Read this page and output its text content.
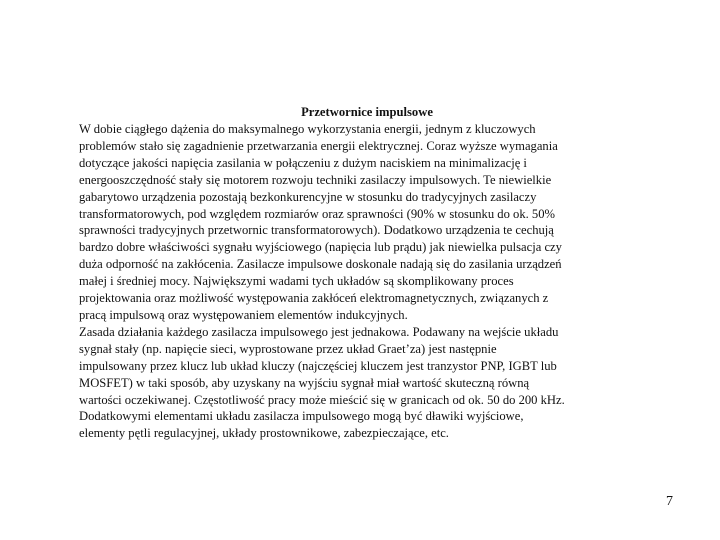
Przetwornice impulsowe

W dobie ciągłego dążenia do maksymalnego wykorzystania energii, jednym z kluczowych
problemów stało się zagadnienie przetwarzania energii elektrycznej. Coraz wyższe wymagania
dotyczące jakości napięcia zasilania w połączeniu z dużym naciskiem na minimalizację i
energooszczędność stały się motorem rozwoju techniki zasilaczy impulsowych. Te niewielkie
gabarytowo urządzenia pozostają bezkonkurencyjne w stosunku do tradycyjnych zasilaczy
transformatorowych, pod względem rozmiarów oraz sprawności (90% w stosunku do ok. 50%
sprawności tradycyjnych przetwornic transformatorowych). Dodatkowo urządzenia te cechują
bardzo dobre właściwości sygnału wyjściowego (napięcia lub prądu) jak niewielka pulsacja czy
duża odporność na zakłócenia. Zasilacze impulsowe doskonale nadają się do zasilania urządzeń
małej i średniej mocy. Największymi wadami tych układów są skomplikowany proces
projektowania oraz możliwość występowania zakłóceń elektromagnetycznych, związanych z
pracą impulsową oraz występowaniem elementów indukcyjnych.

Zasada działania każdego zasilacza impulsowego jest jednakowa. Podawany na wejście układu
sygnał stały (np. napięcie sieci, wyprostowane przez układ Graet’za) jest następnie
impulsowany przez klucz lub układ kluczy (najczęściej kluczem jest tranzystor PNP, IGBT lub
MOSFET) w taki sposób, aby uzyskany na wyjściu sygnał miał wartość skuteczną równą
wartości oczekiwanej. Częstotliwość pracy może mieścić się w granicach od ok. 50 do 200 kHz.
Dodatkowymi elementami układu zasilacza impulsowego mogą być dławiki wyjściowe,
elementy pętli regulacyjnej, układy prostownikowe, zabezpieczające, etc.

7
